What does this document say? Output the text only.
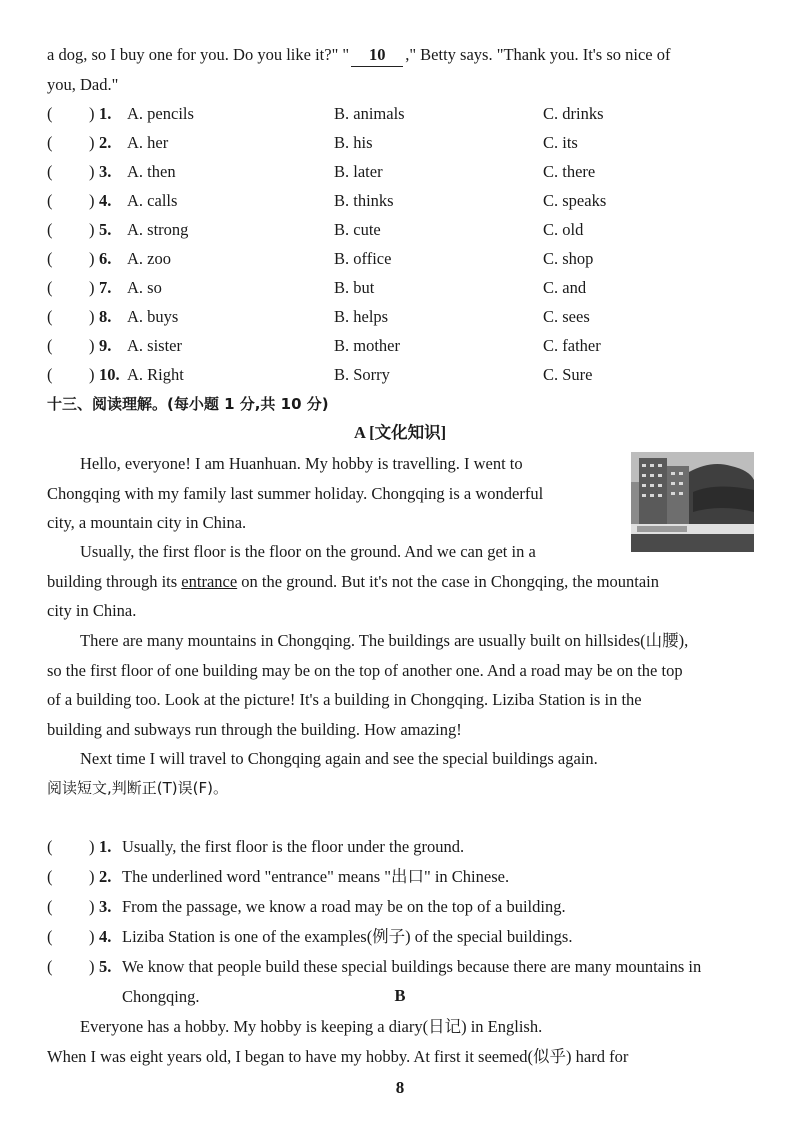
a dog, so I buy one for you. Do you like it?" " 10 ," Betty says. "Thank you. It's so nice of
you, Dad."
( ) 1. A. pencils	B. animals	C. drinks
( ) 2. A. her	B. his	C. its
( ) 3. A. then	B. later	C. there
( ) 4. A. calls	B. thinks	C. speaks
( ) 5. A. strong	B. cute	C. old
( ) 6. A. zoo	B. office	C. shop
( ) 7. A. so	B. but	C. and
( ) 8. A. buys	B. helps	C. sees
( ) 9. A. sister	B. mother	C. father
( ) 10. A. Right	B. Sorry	C. Sure
十三、阅读理解。(每小题 1 分,共 10 分)
A [文化知识]
Hello, everyone! I am Huanhuan. My hobby is travelling. I went to
Chongqing with my family last summer holiday. Chongqing is a wonderful
city, a mountain city in China.
Usually, the first floor is the floor on the ground. And we can get in a
building through its entrance on the ground. But it's not the case in Chongqing, the mountain
city in China.
There are many mountains in Chongqing. The buildings are usually built on hillsides(山腰),
so the first floor of one building may be on the top of another one. And a road may be on the top
of a building too. Look at the picture! It's a building in Chongqing. Liziba Station is in the
building and subways run through the building. How amazing!
Next time I will travel to Chongqing again and see the special buildings again.
阅读短文,判断正(T)误(F)。
( ) 1. Usually, the first floor is the floor under the ground.
( ) 2. The underlined word "entrance" means "出口" in Chinese.
( ) 3. From the passage, we know a road may be on the top of a building.
( ) 4. Liziba Station is one of the examples(例子) of the special buildings.
( ) 5. We know that people build these special buildings because there are many mountains in Chongqing.	B
Everyone has a hobby. My hobby is keeping a diary(日记) in English.
When I was eight years old, I began to have my hobby. At first it seemed(似乎) hard for
8
